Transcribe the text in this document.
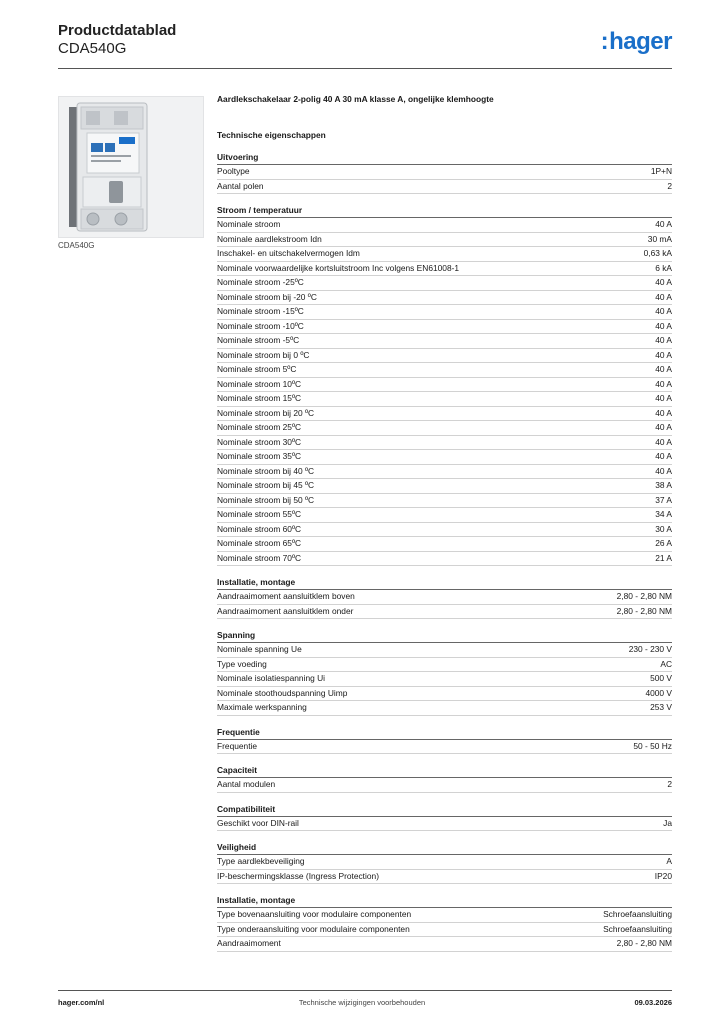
Productdatablad
CDA540G	:hager
CDA540G
Aardlekschakelaar 2-polig 40 A 30 mA klasse A, ongelijke klemhoogte
Technische eigenschappen
Uitvoering
Pooltype	1P+N
Aantal polen	2
Stroom / temperatuur
Nominale stroom	40 A
Nominale aardlekstroom Idn	30 mA
Inschakel- en uitschakelvermogen Idm	0,63 kA
Nominale voorwaardelijke kortsluitstroom Inc volgens EN61008-1	6 kA
Nominale stroom -25ºC	40 A
Nominale stroom bij -20 ºC	40 A
Nominale stroom -15ºC	40 A
Nominale stroom -10ºC	40 A
Nominale stroom -5ºC	40 A
Nominale stroom bij 0 ºC	40 A
Nominale stroom 5ºC	40 A
Nominale stroom 10ºC	40 A
Nominale stroom 15ºC	40 A
Nominale stroom bij 20 ºC	40 A
Nominale stroom 25ºC	40 A
Nominale stroom 30ºC	40 A
Nominale stroom 35ºC	40 A
Nominale stroom bij 40 ºC	40 A
Nominale stroom bij 45 ºC	38 A
Nominale stroom bij 50 ºC	37 A
Nominale stroom 55ºC	34 A
Nominale stroom 60ºC	30 A
Nominale stroom 65ºC	26 A
Nominale stroom 70ºC	21 A
Installatie, montage
Aandraaimoment aansluitklem boven	2,80 - 2,80 NM
Aandraaimoment aansluitklem onder	2,80 - 2,80 NM
Spanning
Nominale spanning Ue	230 - 230 V
Type voeding	AC
Nominale isolatiespanning Ui	500 V
Nominale stoothoudspanning Uimp	4000 V
Maximale werkspanning	253 V
Frequentie
Frequentie	50 - 50 Hz
Capaciteit
Aantal modulen	2
Compatibiliteit
Geschikt voor DIN-rail	Ja
Veiligheid
Type aardlekbeveiliging	A
IP-beschermingsklasse (Ingress Protection)	IP20
Installatie, montage
Type bovenaansluiting voor modulaire componenten	Schroefaansluiting
Type onderaansluiting voor modulaire componenten	Schroefaansluiting
Aandraaimoment	2,80 - 2,80 NM
hager.com/nl	Technische wijzigingen voorbehouden	09.03.2026
